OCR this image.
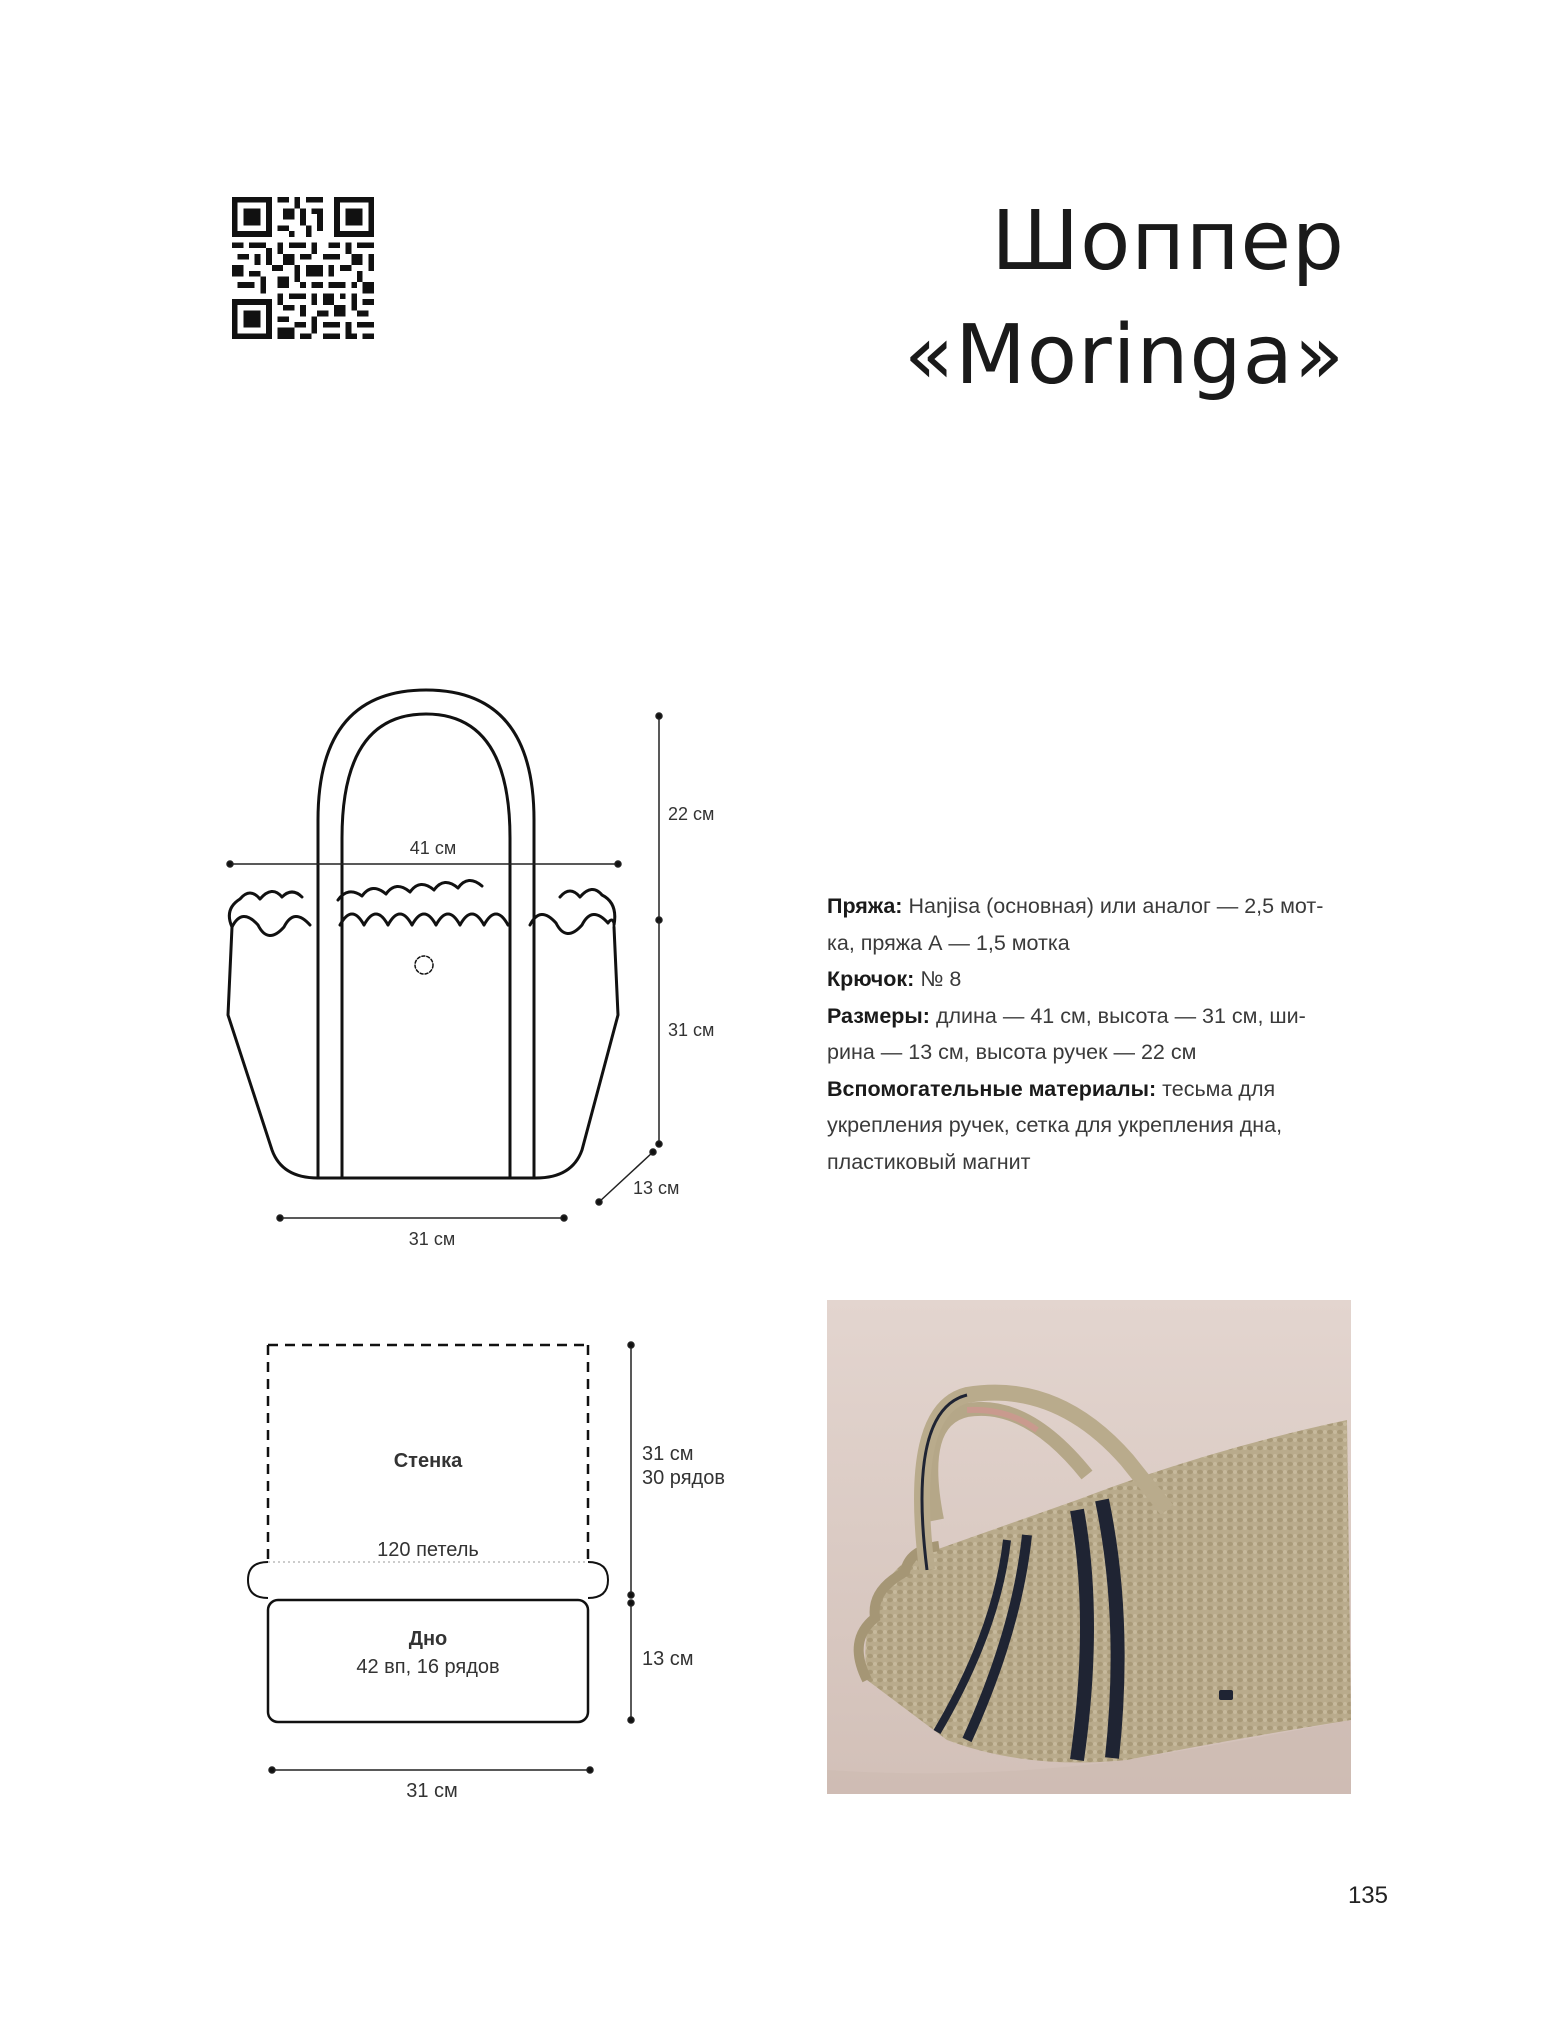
Шоппер
«Moringa»
41 см
22 см
31 см
13 см
31 см
Стенка
120 петель
Дно
42 вп, 16 рядов
31 см
30 рядов
13 см
31 см

Пряжа: Hanjisa (основная) или аналог — 2,5 мот-
ка, пряжа А — 1,5 мотка

Крючок: № 8

Размеры: длина — 41 см, высота — 31 см, ши-
рина — 13 см, высота ручек — 22 см

Вспомогательные материалы: тесьма для
укрепления ручек, сетка для укрепления дна,
пластиковый магнит

135
